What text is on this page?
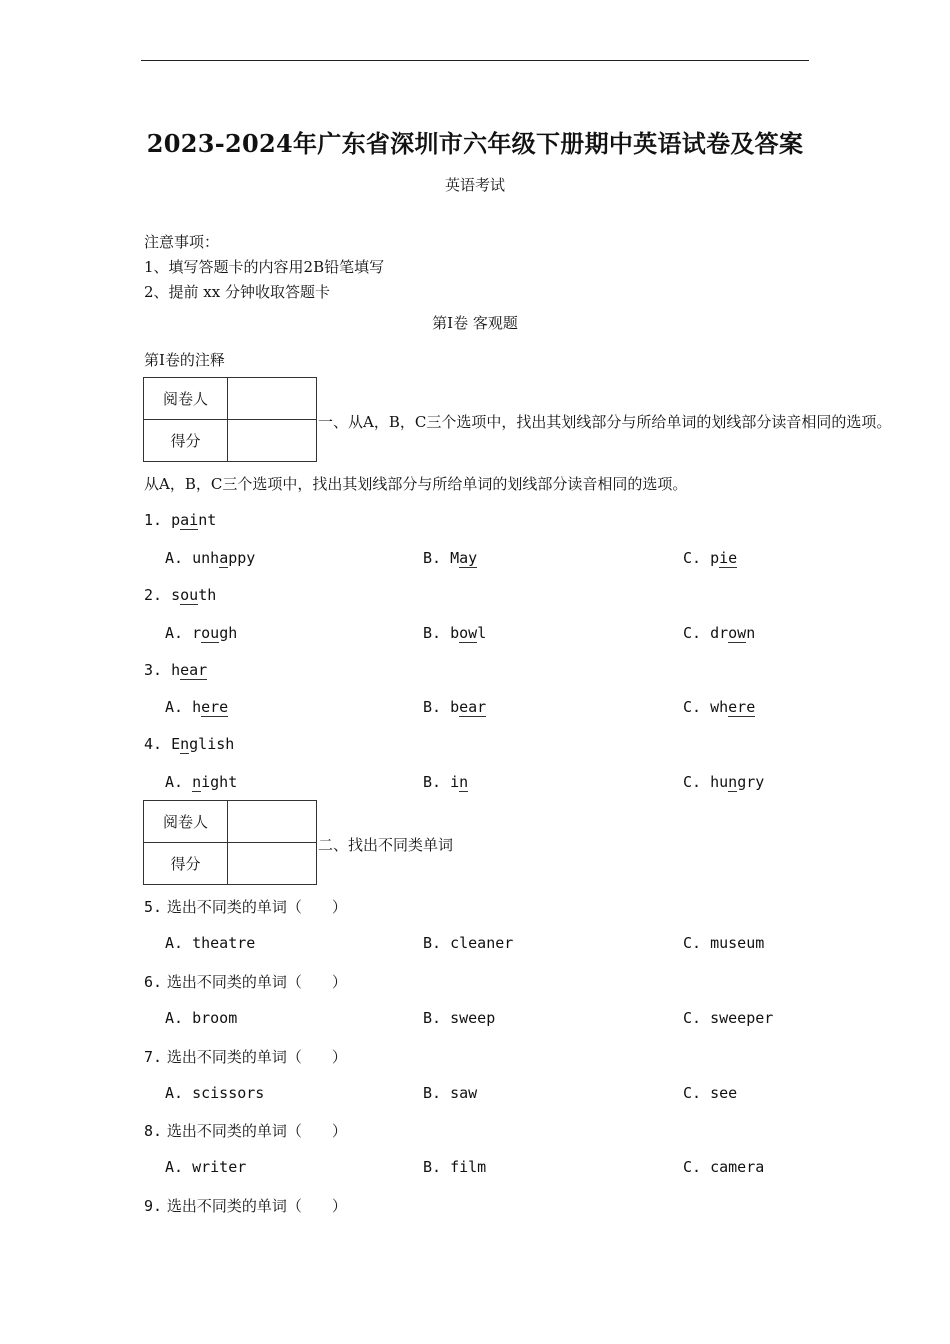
2023-2024年广东省深圳市六年级下册期中英语试卷及答案
英语考试
注意事项：
1、填写答题卡的内容用2B铅笔填写
2、提前 xx 分钟收取答题卡
第Ⅰ卷 客观题
第Ⅰ卷的注释
阅卷人	
得分	
一、从A，B，C三个选项中，找出其划线部分与所给单词的划线部分读音相同的选项。
从A，B，C三个选项中，找出其划线部分与所给单词的划线部分读音相同的选项。
1. paint
A. unhappy	B. May	C. pie
2. south
A. rough	B. bowl	C. drown
3. hear
A. here	B. bear	C. where
4. English
A. night	B. in	C. hungry
阅卷人	
得分	
二、找出不同类单词
5. 选出不同类的单词（　　）
A. theatre	B. cleaner	C. museum
6. 选出不同类的单词（　　）
A. broom	B. sweep	C. sweeper
7. 选出不同类的单词（　　）
A. scissors	B. saw	C. see
8. 选出不同类的单词（　　）
A. writer	B. film	C. camera
9. 选出不同类的单词（　　）
